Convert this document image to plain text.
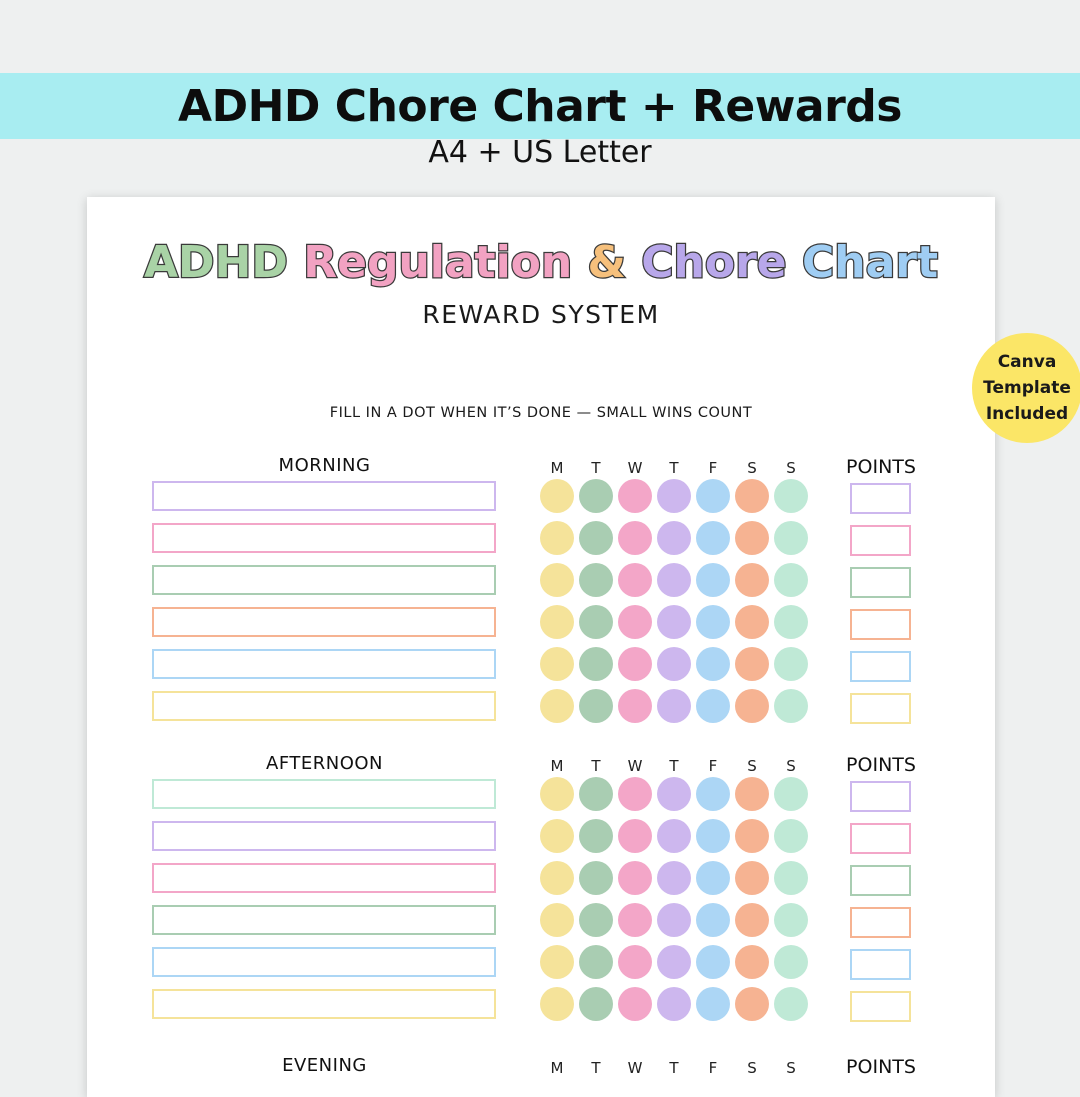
ADHD Chore Chart + Rewards
A4 + US Letter
ADHD Regulation & Chore Chart
REWARD SYSTEM
FILL IN A DOT WHEN IT’S DONE — SMALL WINS COUNT
MORNING	M	T	W	T	F	S	S	POINTS
AFTERNOON	M	T	W	T	F	S	S	POINTS
EVENING	M	T	W	T	F	S	S	POINTS
Canva
Template
Included
